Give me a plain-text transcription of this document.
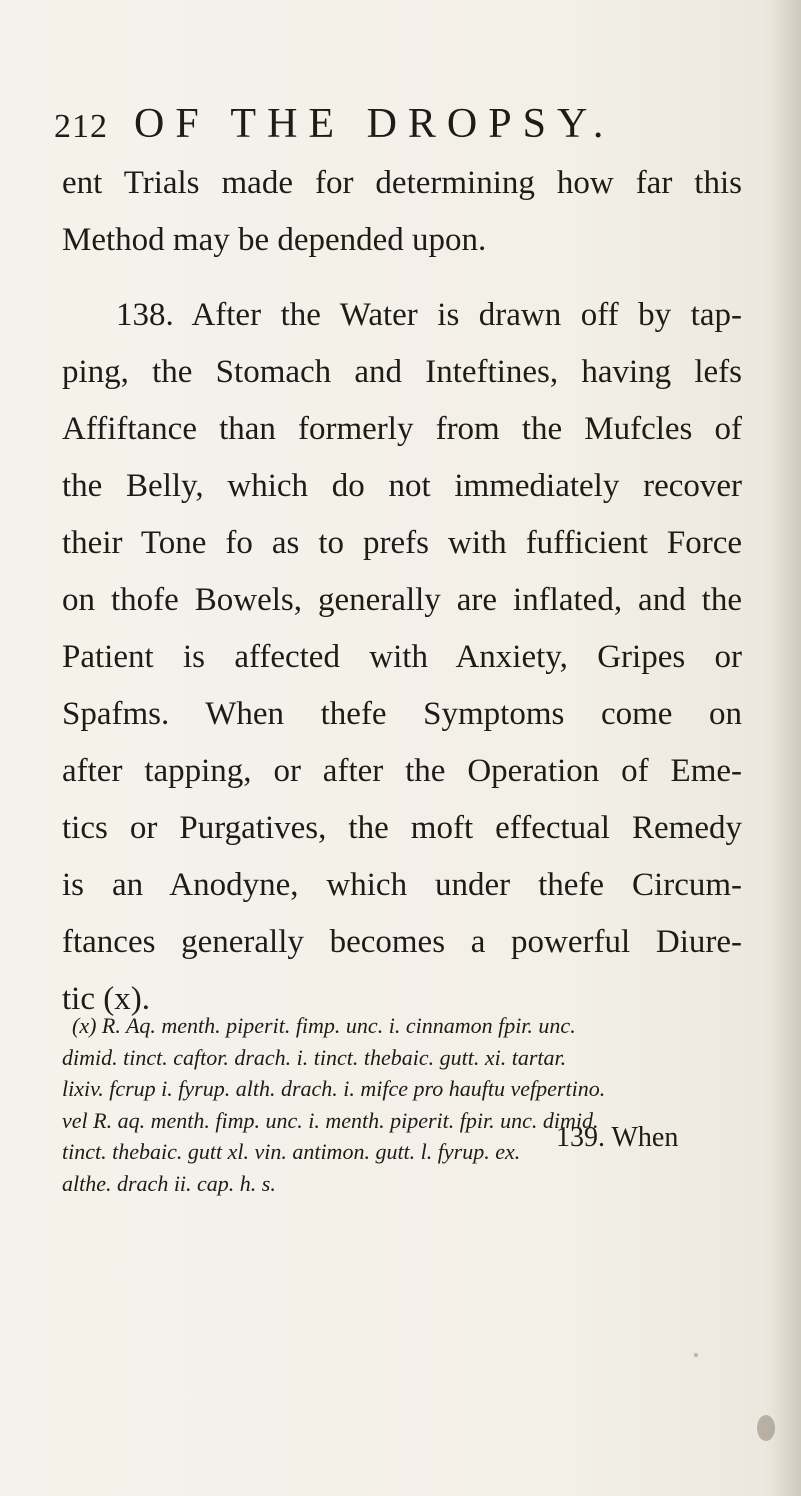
212 OF THE DROPSY.
ent Trials made for determining how far this
Method may be depended upon.
138. After the Water is drawn off by tap-
ping, the Stomach and Inteftines, having lefs
Affiftance than formerly from the Mufcles of
the Belly, which do not immediately recover
their Tone fo as to prefs with fufficient Force
on thofe Bowels, generally are inflated, and the
Patient is affected with Anxiety, Gripes or
Spafms. When thefe Symptoms come on
after tapping, or after the Operation of Eme-
tics or Purgatives, the moft effectual Remedy
is an Anodyne, which under thefe Circum-
ftances generally becomes a powerful Diure-
tic (x).
(x) R. Aq. menth. piperit. fimp. unc. i. cinnamon fpir. unc.
dimid. tinct. caftor. drach. i. tinct. thebaic. gutt. xi. tartar.
lixiv. fcrup i. fyrup. alth. drach. i. mifce pro hauftu vefpertino.
vel R. aq. menth. fimp. unc. i. menth. piperit. fpir. unc. dimid.
tinct. thebaic. gutt xl. vin. antimon. gutt. l. fyrup. ex.
althe. drach ii. cap. h. s.
139. When
